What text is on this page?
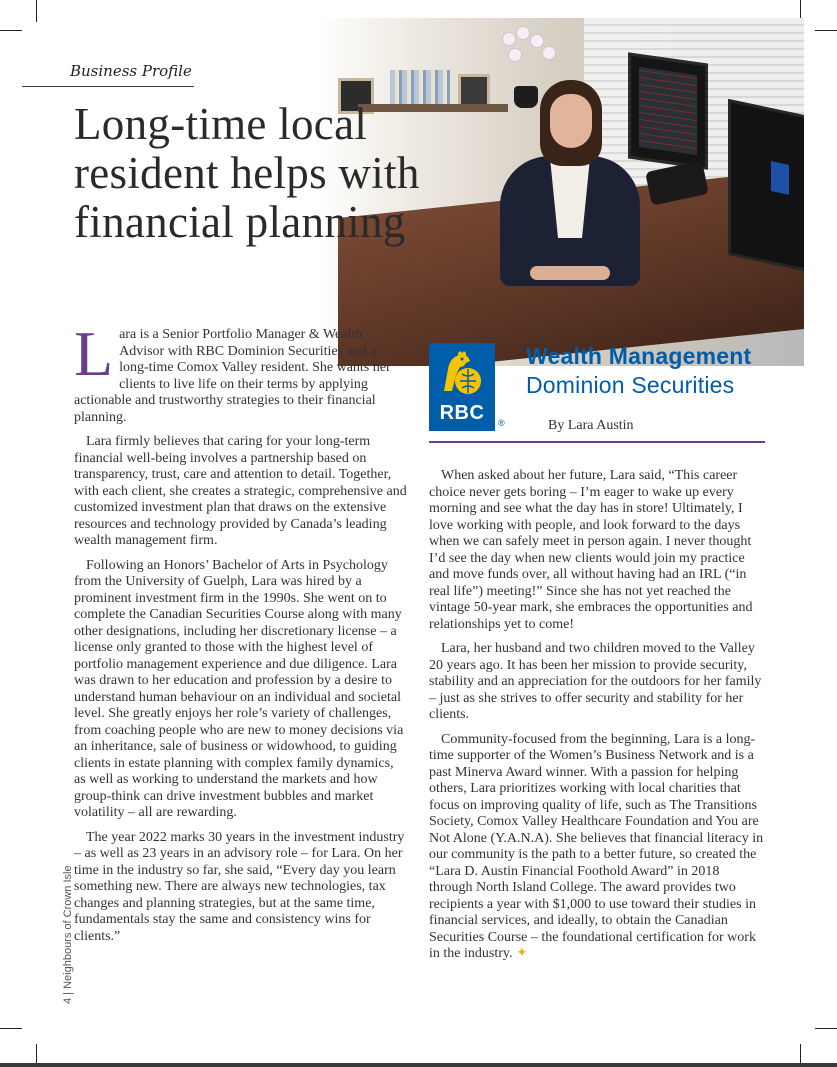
Business Profile
Long-time local resident helps with financial planning
RBC	®
Wealth Management
Dominion Securities
By Lara Austin

Lara is a Senior Portfolio Manager & Wealth Advisor with RBC Dominion Securities and a long-time Comox Valley resident. She wants her clients to live life on their terms by applying actionable and trustworthy strategies to their financial planning.

Lara firmly believes that caring for your long-term financial well-being involves a partnership based on transparency, trust, care and attention to detail. Together, with each client, she creates a strategic, comprehensive and customized investment plan that draws on the extensive resources and technology provided by Canada’s leading wealth management firm.

Following an Honors’ Bachelor of Arts in Psychology from the University of Guelph, Lara was hired by a prominent investment firm in the 1990s. She went on to complete the Canadian Securities Course along with many other designations, including her discretionary license – a license only granted to those with the highest level of portfolio management experience and due diligence. Lara was drawn to her education and profession by a desire to understand human behaviour on an individual and societal level. She greatly enjoys her role’s variety of challenges, from coaching people who are new to money decisions via an inheritance, sale of business or widowhood, to guiding clients in estate planning with complex family dynamics, as well as working to understand the markets and how group-think can drive investment bubbles and market volatility – all are rewarding.

The year 2022 marks 30 years in the investment industry – as well as 23 years in an advisory role – for Lara. On her time in the industry so far, she said, “Every day you learn something new. There are always new technologies, tax changes and planning strategies, but at the same time, fundamentals stay the same and consistency wins for clients.”

When asked about her future, Lara said, “This career choice never gets boring – I’m eager to wake up every morning and see what the day has in store! Ultimately, I love working with people, and look forward to the days when we can safely meet in person again. I never thought I’d see the day when new clients would join my practice and move funds over, all without having had an IRL (“in real life”) meeting!” Since she has not yet reached the vintage 50-year mark, she embraces the opportunities and relationships yet to come!

Lara, her husband and two children moved to the Valley 20 years ago. It has been her mission to provide security, stability and an appreciation for the outdoors for her family – just as she strives to offer security and stability for her clients.

Community-focused from the beginning, Lara is a long-time supporter of the Women’s Business Network and is a past Minerva Award winner. With a passion for helping others, Lara prioritizes working with local charities that focus on improving quality of life, such as The Transitions Society, Comox Valley Healthcare Foundation and You are Not Alone (Y.A.N.A). She believes that financial literacy in our community is the path to a better future, so created the “Lara D. Austin Financial Foothold Award” in 2018 through North Island College. The award provides two recipients a year with $1,000 to use toward their studies in financial services, and ideally, to obtain the Canadian Securities Course – the foundational certification for work in the industry. ✦

4 | Neighbours of Crown Isle
